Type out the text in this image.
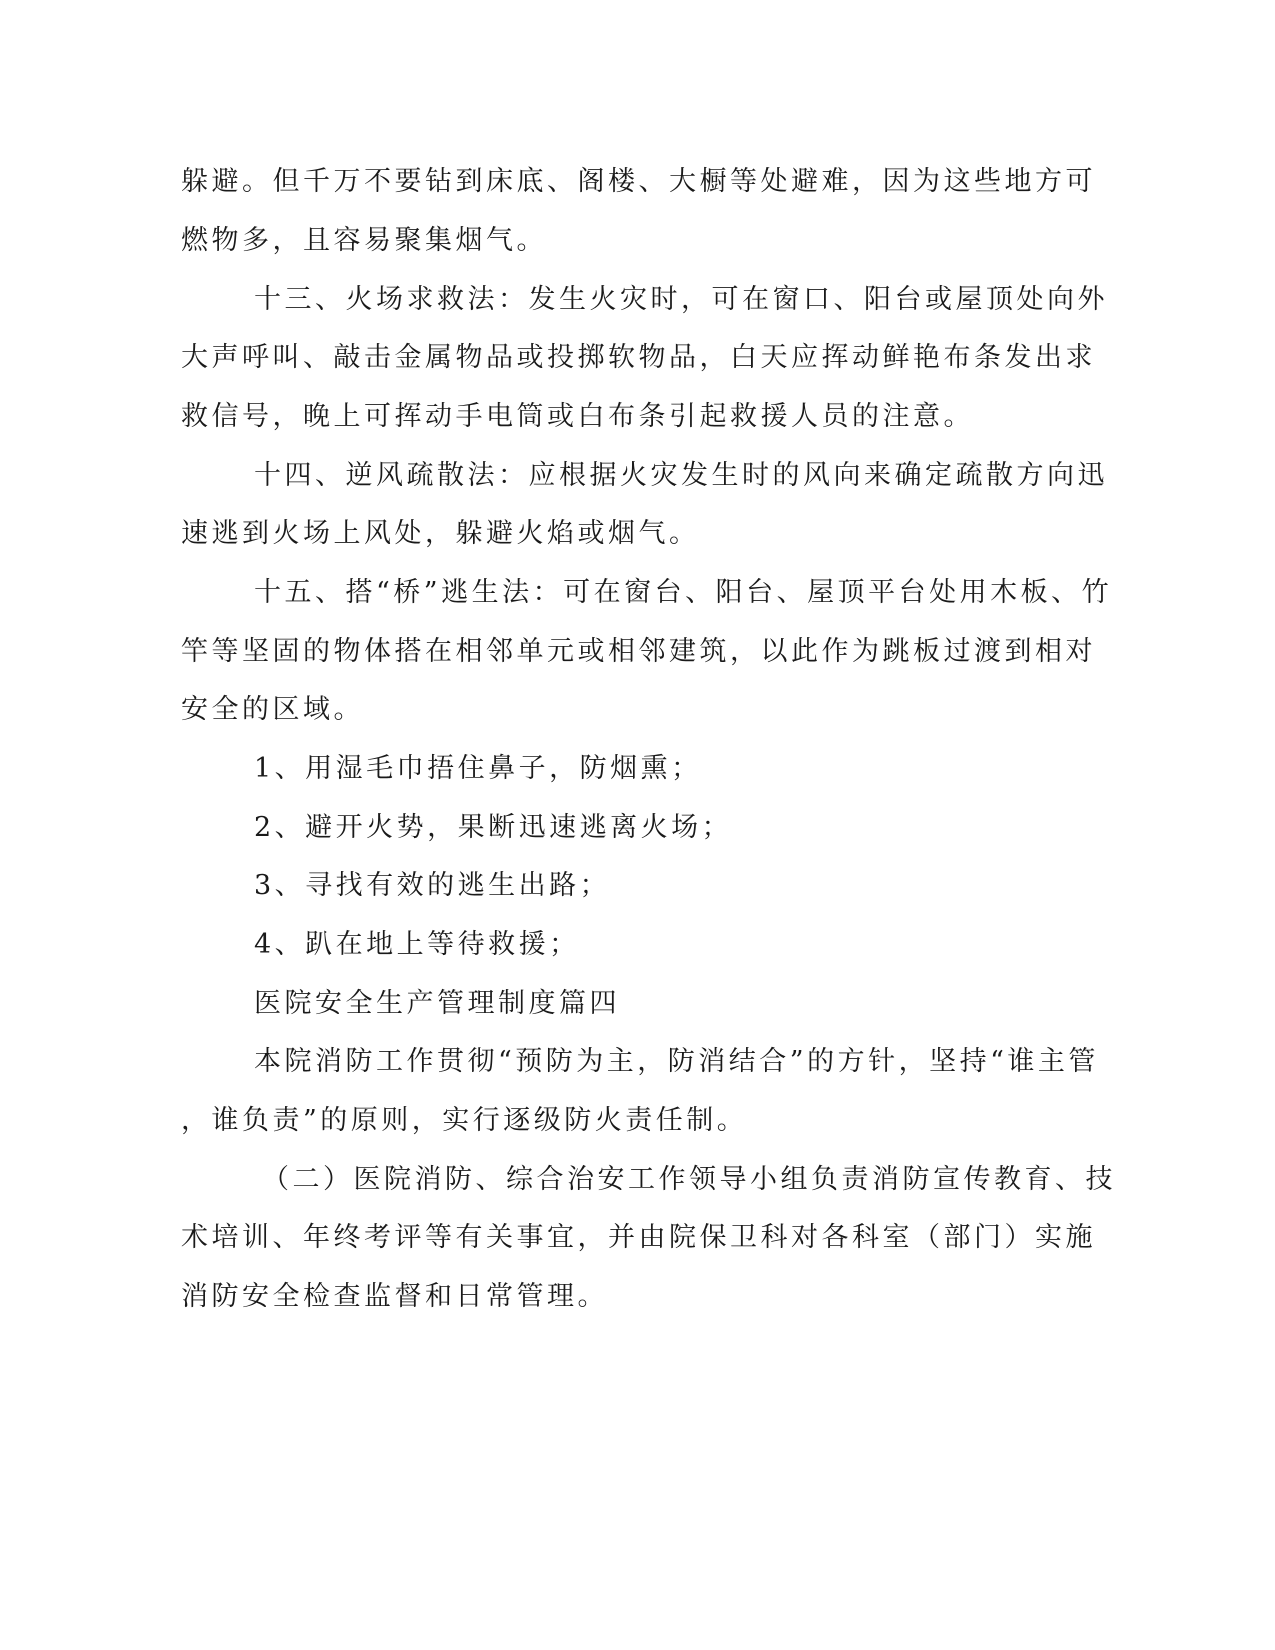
躲避。但千万不要钻到床底、阁楼、大橱等处避难，因为这些地方可

燃物多，且容易聚集烟气。

十三、火场求救法：发生火灾时，可在窗口、阳台或屋顶处向外

大声呼叫、敲击金属物品或投掷软物品，白天应挥动鲜艳布条发出求

救信号，晚上可挥动手电筒或白布条引起救援人员的注意。

十四、逆风疏散法：应根据火灾发生时的风向来确定疏散方向迅

速逃到火场上风处，躲避火焰或烟气。

十五、搭“桥”逃生法：可在窗台、阳台、屋顶平台处用木板、竹

竿等坚固的物体搭在相邻单元或相邻建筑，以此作为跳板过渡到相对

安全的区域。

1、用湿毛巾捂住鼻子，防烟熏；

2、避开火势，果断迅速逃离火场；

3、寻找有效的逃生出路；

4、趴在地上等待救援；

医院安全生产管理制度篇四

本院消防工作贯彻“预防为主，防消结合”的方针，坚持“谁主管

，谁负责”的原则，实行逐级防火责任制。

（二）医院消防、综合治安工作领导小组负责消防宣传教育、技

术培训、年终考评等有关事宜，并由院保卫科对各科室（部门）实施

消防安全检查监督和日常管理。
